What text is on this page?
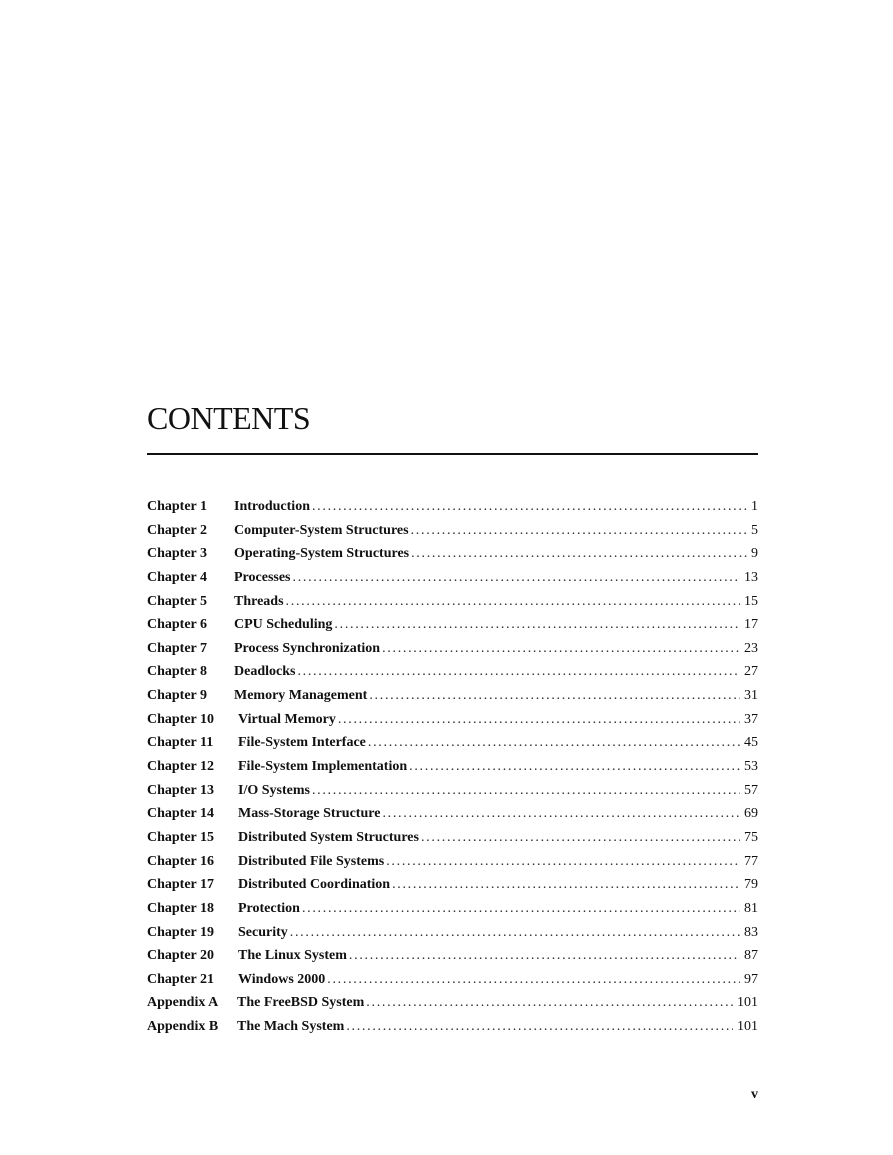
CONTENTS
Chapter 1	Introduction . . .	1
Chapter 2	Computer-System Structures . . .	5
Chapter 3	Operating-System Structures . . .	9
Chapter 4	Processes . . .	13
Chapter 5	Threads . . .	15
Chapter 6	CPU Scheduling . . .	17
Chapter 7	Process Synchronization . . .	23
Chapter 8	Deadlocks . . .	27
Chapter 9	Memory Management . . .	31
Chapter 10	Virtual Memory . . .	37
Chapter 11	File-System Interface . . .	45
Chapter 12	File-System Implementation . . .	53
Chapter 13	I/O Systems . . .	57
Chapter 14	Mass-Storage Structure . . .	69
Chapter 15	Distributed System Structures . . .	75
Chapter 16	Distributed File Systems . . .	77
Chapter 17	Distributed Coordination . . .	79
Chapter 18	Protection . . .	81
Chapter 19	Security . . .	83
Chapter 20	The Linux System . . .	87
Chapter 21	Windows 2000 . . .	97
Appendix A	The FreeBSD System . . .	101
Appendix B	The Mach System . . .	101
v
